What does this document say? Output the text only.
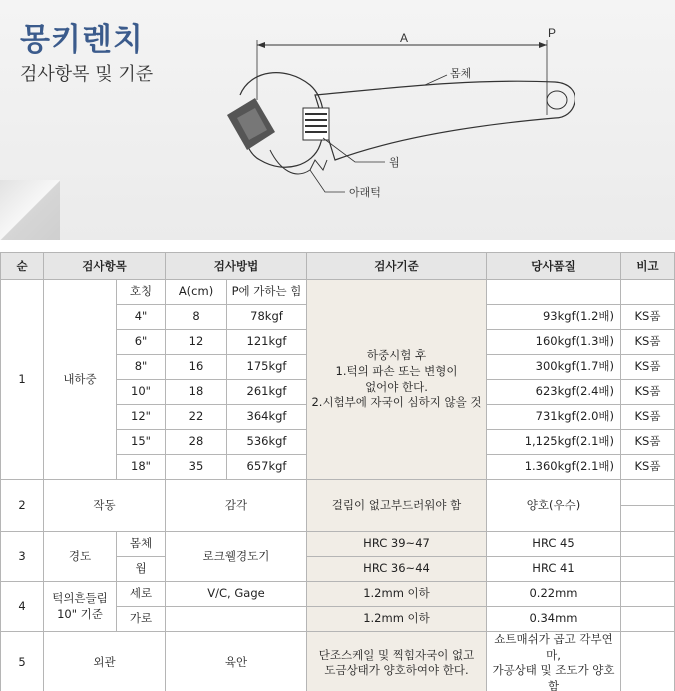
몽키렌치
검사항목 및 기준
A	P
몸체
웜
아래턱
순	검사항목		검사방법		검사기준	당사품질	비고
1	내하중	호칭	A(cm)	P에 가하는 힘	하중시험 후
1.턱의 파손 또는 변형이
없어야 한다.
2.시험부에 자국이 심하지 않을 것		
		4"	8	78kgf		93kgf(1.2배)	KS품
		6"	12	121kgf		160kgf(1.3배)	KS품
		8"	16	175kgf		300kgf(1.7배)	KS품
		10"	18	261kgf		623kgf(2.4배)	KS품
		12"	22	364kgf		731kgf(2.0배)	KS품
		15"	28	536kgf		1,125kgf(2.1배)	KS품
		18"	35	657kgf		1.360kgf(2.1배)	KS품
2	작동		감각		걸림이 없고부드러워야 함	양호(우수)	

3	경도	몸체	로크웰경도기		HRC 39~47	HRC 45	
		웜			HRC 36~44	HRC 41	
4	턱의흔들림
10" 기준	세로	V/C, Gage		1.2mm 이하	0.22mm	
		가로			1.2mm 이하	0.34mm	
5	외관		육안		단조스케일 및 찍힘자국이 없고
도금상태가 양호하여야 한다.	쇼트매쉬가 곱고 각부연마,
가공상태 및 조도가 양호함	
